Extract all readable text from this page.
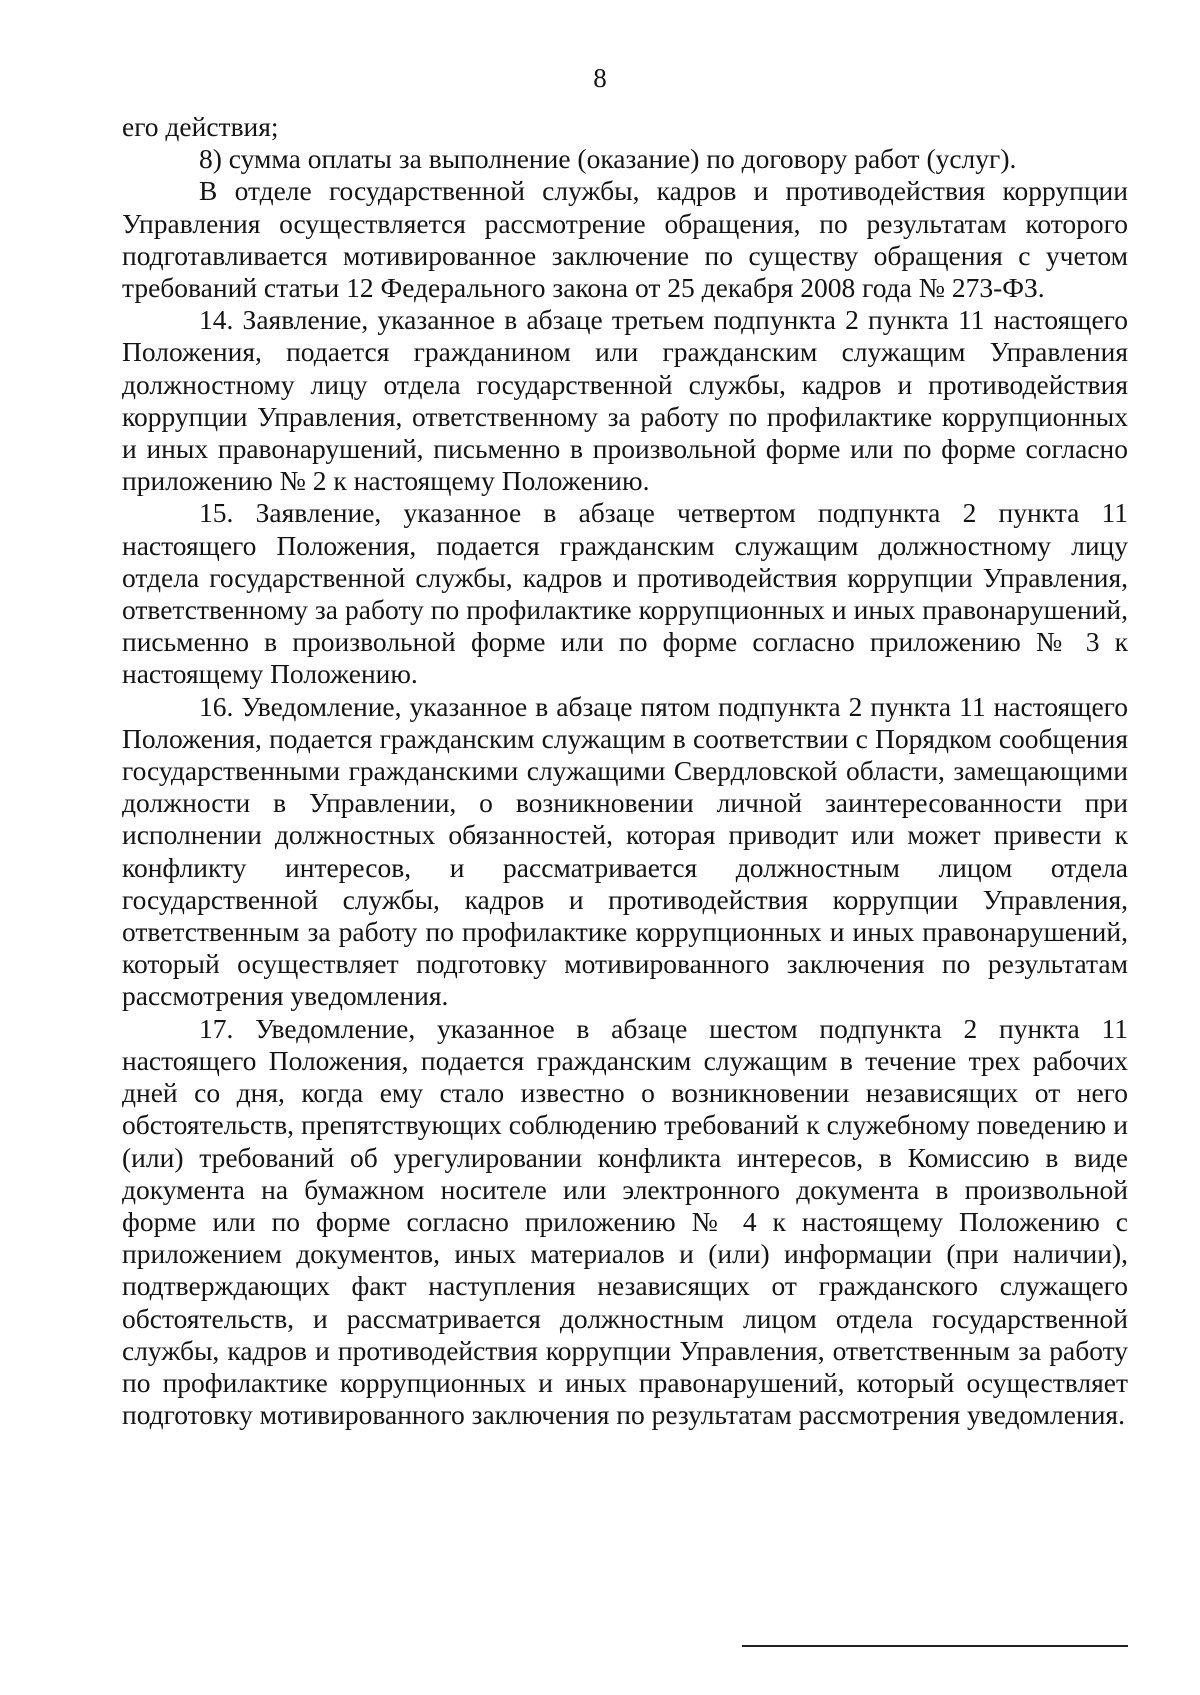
8

его действия;

8) сумма оплаты за выполнение (оказание) по договору работ (услуг).

В отделе государственной службы, кадров и противодействия коррупции Управления осуществляется рассмотрение обращения, по результатам которого подготавливается мотивированное заключение по существу обращения с учетом требований статьи 12 Федерального закона от 25 декабря 2008 года № 273-ФЗ.

14. Заявление, указанное в абзаце третьем подпункта 2 пункта 11 настоящего Положения, подается гражданином или гражданским служащим Управления должностному лицу отдела государственной службы, кадров и противодействия коррупции Управления, ответственному за работу по профилактике коррупционных и иных правонарушений, письменно в произвольной форме или по форме согласно приложению № 2 к настоящему Положению.

15. Заявление, указанное в абзаце четвертом подпункта 2 пункта 11 настоящего Положения, подается гражданским служащим должностному лицу отдела государственной службы, кадров и противодействия коррупции Управления, ответственному за работу по профилактике коррупционных и иных правонарушений, письменно в произвольной форме или по форме согласно приложению № 3 к настоящему Положению.

16. Уведомление, указанное в абзаце пятом подпункта 2 пункта 11 настоящего Положения, подается гражданским служащим в соответствии с Порядком сообщения государственными гражданскими служащими Свердловской области, замещающими должности в Управлении, о возникновении личной заинтересованности при исполнении должностных обязанностей, которая приводит или может привести к конфликту интересов, и рассматривается должностным лицом отдела государственной службы, кадров и противодействия коррупции Управления, ответственным за работу по профилактике коррупционных и иных правонарушений, который осуществляет подготовку мотивированного заключения по результатам рассмотрения уведомления.

17. Уведомление, указанное в абзаце шестом подпункта 2 пункта 11 настоящего Положения, подается гражданским служащим в течение трех рабочих дней со дня, когда ему стало известно о возникновении независящих от него обстоятельств, препятствующих соблюдению требований к служебному поведению и (или) требований об урегулировании конфликта интересов, в Комиссию в виде документа на бумажном носителе или электронного документа в произвольной форме или по форме согласно приложению № 4 к настоящему Положению с приложением документов, иных материалов и (или) информации (при наличии), подтверждающих факт наступления независящих от гражданского служащего обстоятельств, и рассматривается должностным лицом отдела государственной службы, кадров и противодействия коррупции Управления, ответственным за работу по профилактике коррупционных и иных правонарушений, который осуществляет подготовку мотивированного заключения по результатам рассмотрения уведомления.
